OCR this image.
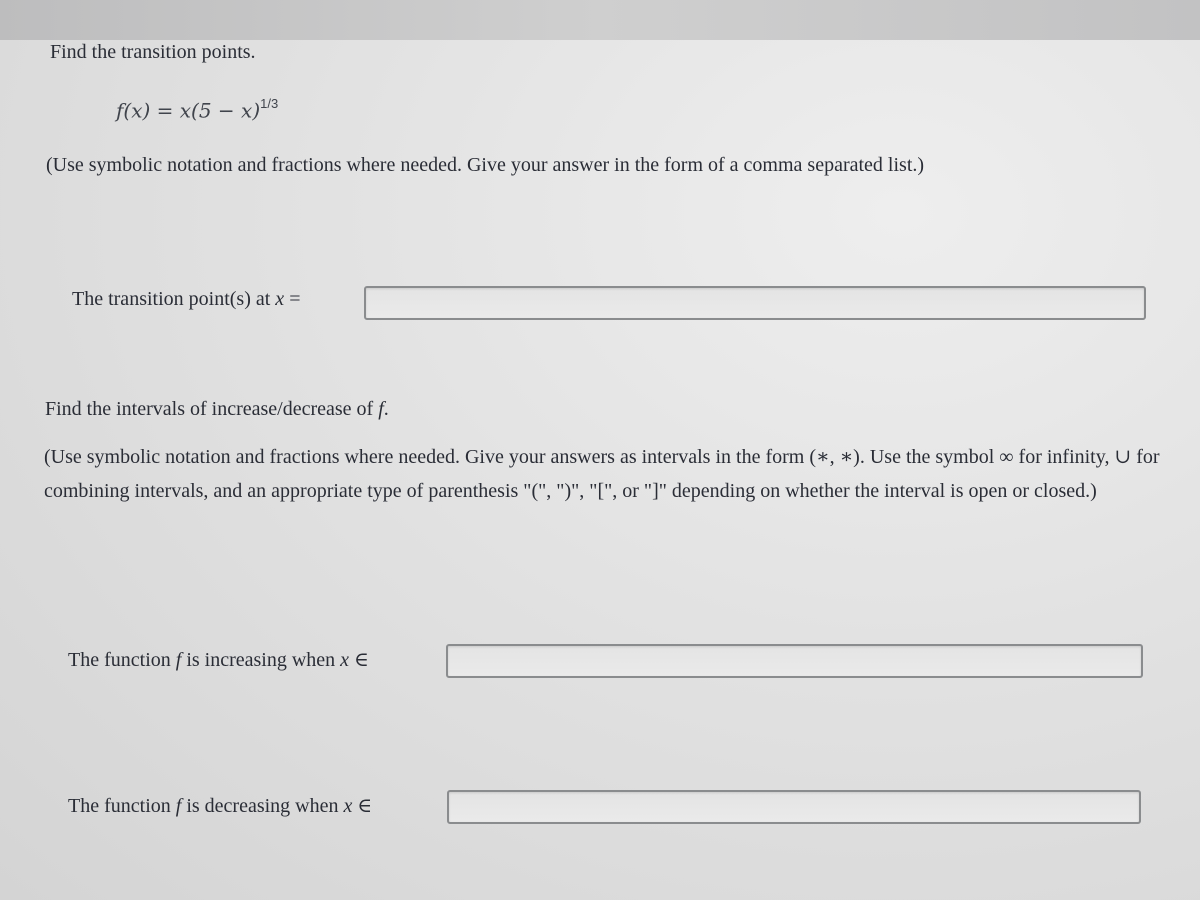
Find the transition points.
$f(x) = x(5 - x)^{1/3}$
(Use symbolic notation and fractions where needed. Give your answer in the form of a comma separated list.)
The transition point(s) at x =
Find the intervals of increase/decrease of f.
(Use symbolic notation and fractions where needed. Give your answers as intervals in the form (∗, ∗). Use the symbol ∞ for infinity, ∪ for combining intervals, and an appropriate type of parenthesis "(", ")", "[", or "]" depending on whether the interval is open or closed.)
The function f is increasing when x ∈
The function f is decreasing when x ∈
